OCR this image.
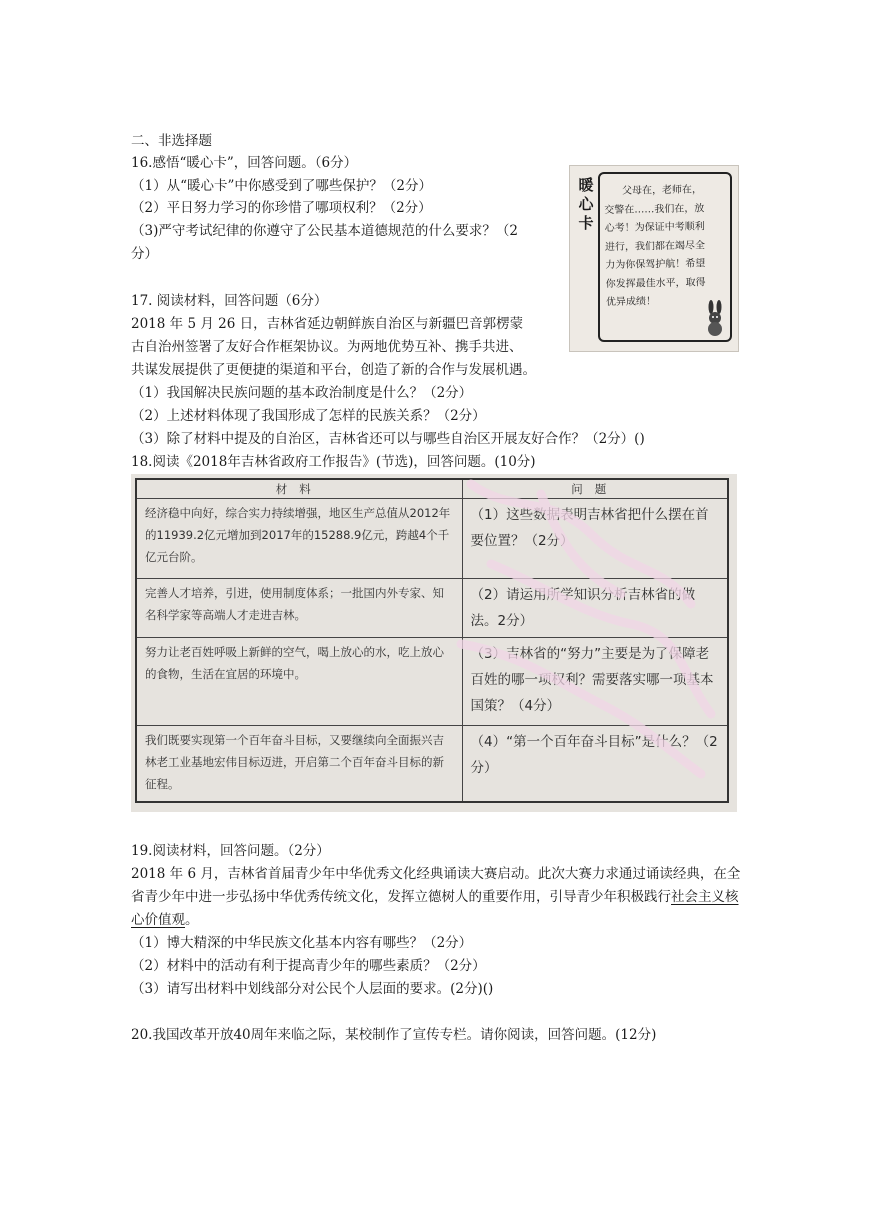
二、非选择题
16.感悟“暖心卡”，回答问题。（6分）
（1）从“暖心卡”中你感受到了哪些保护？（2分）
（2）平日努力学习的你珍惜了哪项权利？（2分）
（3)严守考试纪律的你遵守了公民基本道德规范的什么要求？（2
分）
暖
心
卡
父母在，老师在，
交警在……我们在，放
心考！为保证中考顺利
进行，我们都在竭尽全
力为你保驾护航！希望
你发挥最佳水平，取得
优异成绩！
17. 阅读材料，回答问题（6分）
2018 年 5 月 26 日，吉林省延边朝鲜族自治区与新疆巴音郭楞蒙
古自治州签署了友好合作框架协议。为两地优势互补、携手共进、
共谋发展提供了更便捷的渠道和平台，创造了新的合作与发展机遇。
（1）我国解决民族问题的基本政治制度是什么？（2分）
（2）上述材料体现了我国形成了怎样的民族关系？（2分）
（3）除了材料中提及的自治区，吉林省还可以与哪些自治区开展友好合作？（2分）()
18.阅读《2018年吉林省政府工作报告》(节选)，回答问题。(10分)
材料	问题
经济稳中向好，综合实力持续增强，地区生产总值从2012年的11939.2亿元增加到2017年的15288.9亿元，跨越4个千亿元台阶。	（1）这些数据表明吉林省把什么摆在首要位置？（2分）
完善人才培养，引进，使用制度体系；一批国内外专家、知名科学家等高端人才走进吉林。	（2）请运用所学知识分析吉林省的做法。2分）
努力让老百姓呼吸上新鲜的空气，喝上放心的水，吃上放心的食物，生活在宜居的环境中。	（3）吉林省的“努力”主要是为了保障老百姓的哪一项权利？需要落实哪一项基本国策？（4分）
我们既要实现第一个百年奋斗目标，又要继续向全面振兴吉林老工业基地宏伟目标迈进，开启第二个百年奋斗目标的新征程。	（4）“第一个百年奋斗目标”是什么？（2分）
19.阅读材料，回答问题。（2分）
2018 年 6 月，吉林省首届青少年中华优秀文化经典诵读大赛启动。此次大赛力求通过诵读经典，在全省青少年中进一步弘扬中华优秀传统文化，发挥立德树人的重要作用，引导青少年积极践行社会主义核心价值观。
（1）博大精深的中华民族文化基本内容有哪些？（2分）
（2）材料中的活动有利于提高青少年的哪些素质？（2分）
（3）请写出材料中划线部分对公民个人层面的要求。(2分)()
20.我国改革开放40周年来临之际，某校制作了宣传专栏。请你阅读，回答问题。(12分)
